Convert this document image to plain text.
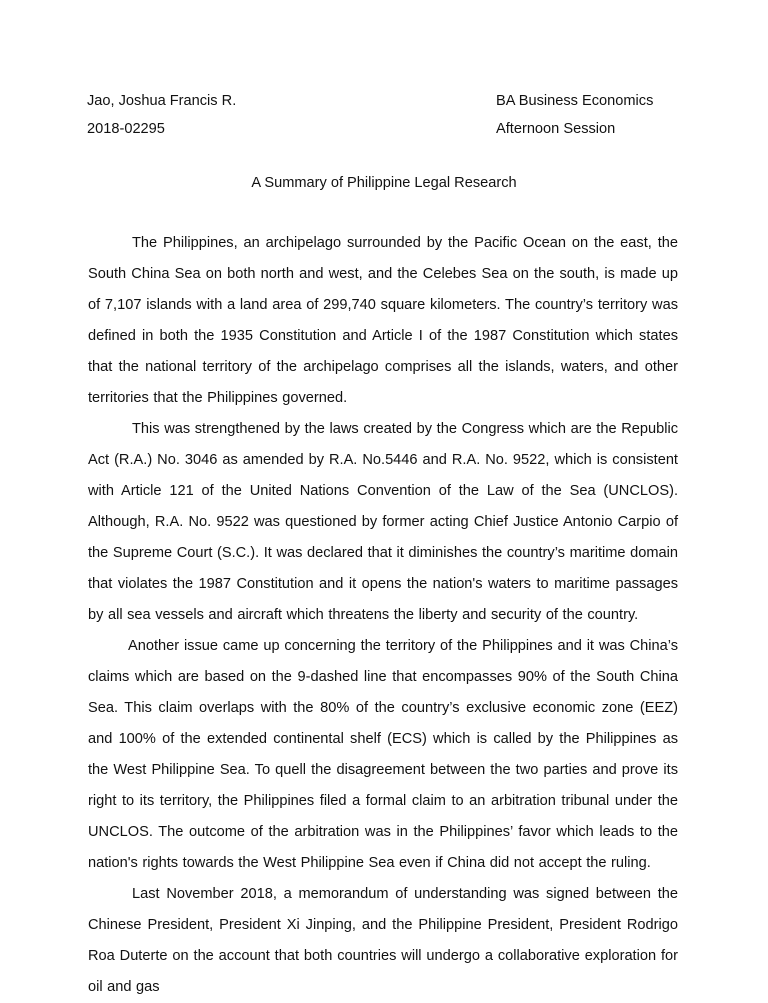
Jao, Joshua Francis R.	BA Business Economics
2018-02295	Afternoon Session
A Summary of Philippine Legal Research

The Philippines, an archipelago surrounded by the Pacific Ocean on the east, the South China Sea on both north and west, and the Celebes Sea on the south, is made up of 7,107 islands with a land area of 299,740 square kilometers. The country’s territory was defined in both the 1935 Constitution and Article I of the 1987 Constitution which states that the national territory of the archipelago comprises all the islands, waters, and other territories that the Philippines governed.

This was strengthened by the laws created by the Congress which are the Republic Act (R.A.) No. 3046 as amended by R.A. No.5446 and R.A. No. 9522, which is consistent with Article 121 of the United Nations Convention of the Law of the Sea (UNCLOS). Although, R.A. No. 9522 was questioned by former acting Chief Justice Antonio Carpio of the Supreme Court (S.C.). It was declared that it diminishes the country’s maritime domain that violates the 1987 Constitution and it opens the nation's waters to maritime passages by all sea vessels and aircraft which threatens the liberty and security of the country.

Another issue came up concerning the territory of the Philippines and it was China’s claims which are based on the 9-dashed line that encompasses 90% of the South China Sea. This claim overlaps with the 80% of the country’s exclusive economic zone (EEZ) and 100% of the extended continental shelf (ECS) which is called by the Philippines as the West Philippine Sea. To quell the disagreement between the two parties and prove its right to its territory, the Philippines filed a formal claim to an arbitration tribunal under the UNCLOS. The outcome of the arbitration was in the Philippines’ favor which leads to the nation's rights towards the West Philippine Sea even if China did not accept the ruling.

Last November 2018, a memorandum of understanding was signed between the Chinese President, President Xi Jinping, and the Philippine President, President Rodrigo Roa Duterte on the account that both countries will undergo a collaborative exploration for oil and gas
